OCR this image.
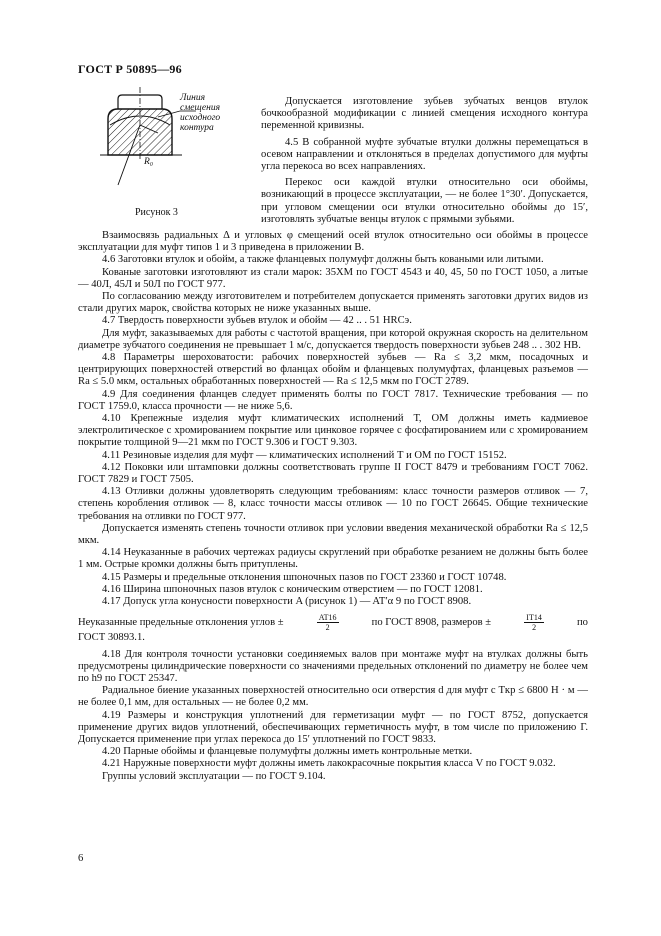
ГОСТ Р 50895—96
Линия
смещения
исходного
контура
R₀
Рисунок 3

Допускается изготовление зубьев зубчатых венцов втулок бочкообразной модификации с линией смещения исходного контура переменной кривизны.

4.5 В собранной муфте зубчатые втулки должны перемещаться в осевом направлении и отклоняться в пределах допустимого для муфты угла перекоса во всех направлениях.

Перекос оси каждой втулки относительно оси обоймы, возникающий в процессе эксплуатации, — не более 1°30′. Допускается, при угловом смещении оси втулки относительно обоймы до 15′, изготовлять зубчатые венцы втулок с прямыми зубьями.

Взаимосвязь радиальных Δ и угловых φ смещений осей втулок относительно оси обоймы в процессе эксплуатации для муфт типов 1 и 3 приведена в приложении В.

4.6 Заготовки втулок и обойм, а также фланцевых полумуфт должны быть коваными или литыми.

Кованые заготовки изготовляют из стали марок: 35ХМ по ГОСТ 4543 и 40, 45, 50 по ГОСТ 1050, а литые — 40Л, 45Л и 50Л по ГОСТ 977.

По согласованию между изготовителем и потребителем допускается применять заготовки других видов из стали других марок, свойства которых не ниже указанных выше.

4.7 Твердость поверхности зубьев втулок и обойм — 42 .. . 51 HRCэ.

Для муфт, заказываемых для работы с частотой вращения, при которой окружная скорость на делительном диаметре зубчатого соединения не превышает 1 м/с, допускается твердость поверхности зубьев 248 .. . 302 НВ.

4.8 Параметры шероховатости: рабочих поверхностей зубьев — Ra ≤ 3,2 мкм, посадочных и центрирующих поверхностей отверстий во фланцах обойм и фланцевых полумуфтах, фланцевых разъемов — Ra ≤ 5.0 мкм, остальных обработанных поверхностей — Ra ≤ 12,5 мкм по ГОСТ 2789.

4.9 Для соединения фланцев следует применять болты по ГОСТ 7817. Технические требования — по ГОСТ 1759.0, класса прочности — не ниже 5,6.

4.10 Крепежные изделия муфт климатических исполнений Т, ОМ должны иметь кадмиевое электролитическое с хромированием покрытие или цинковое горячее с фосфатированием или с хромированием покрытие толщиной 9—21 мкм по ГОСТ 9.306 и ГОСТ 9.303.

4.11 Резиновые изделия для муфт — климатических исполнений Т и ОМ по ГОСТ 15152.

4.12 Поковки или штамповки должны соответствовать группе II ГОСТ 8479 и требованиям ГОСТ 7062. ГОСТ 7829 и ГОСТ 7505.

4.13 Отливки должны удовлетворять следующим требованиям: класс точности размеров отливок — 7, степень коробления отливок — 8, класс точности массы отливок — 10 по ГОСТ 26645. Общие технические требования на отливки по ГОСТ 977.

Допускается изменять степень точности отливок при условии введения механической обработки Ra ≤ 12,5 мкм.

4.14 Неуказанные в рабочих чертежах радиусы скруглений при обработке резанием не должны быть более 1 мм. Острые кромки должны быть притуплены.

4.15 Размеры и предельные отклонения шпоночных пазов по ГОСТ 23360 и ГОСТ 10748.

4.16 Ширина шпоночных пазов втулок с коническим отверстием — по ГОСТ 12081.

4.17 Допуск угла конусности поверхности A (рисунок 1) — AT′α 9 по ГОСТ 8908.

Неуказанные предельные отклонения углов ±	$\frac{AT16}{2}$	по ГОСТ 8908, размеров ±	$\frac{IT14}{2}$	по

ГОСТ 30893.1.

4.18 Для контроля точности установки соединяемых валов при монтаже муфт на втулках должны быть предусмотрены цилиндрические поверхности со значениями предельных отклонений по диаметру не более чем по h9 по ГОСТ 25347.

Радиальное биение указанных поверхностей относительно оси отверстия d для муфт с Tкр ≤ 6800 Н · м — не более 0,1 мм, для остальных — не более 0,2 мм.

4.19 Размеры и конструкция уплотнений для герметизации муфт — по ГОСТ 8752, допускается применение других видов уплотнений, обеспечивающих герметичность муфт, в том числе по приложению Г. Допускается применение при углах перекоса до 15′ уплотнений по ГОСТ 9833.

4.20 Парные обоймы и фланцевые полумуфты должны иметь контрольные метки.

4.21 Наружные поверхности муфт должны иметь лакокрасочные покрытия класса V по ГОСТ 9.032.

Группы условий эксплуатации — по ГОСТ 9.104.

6
